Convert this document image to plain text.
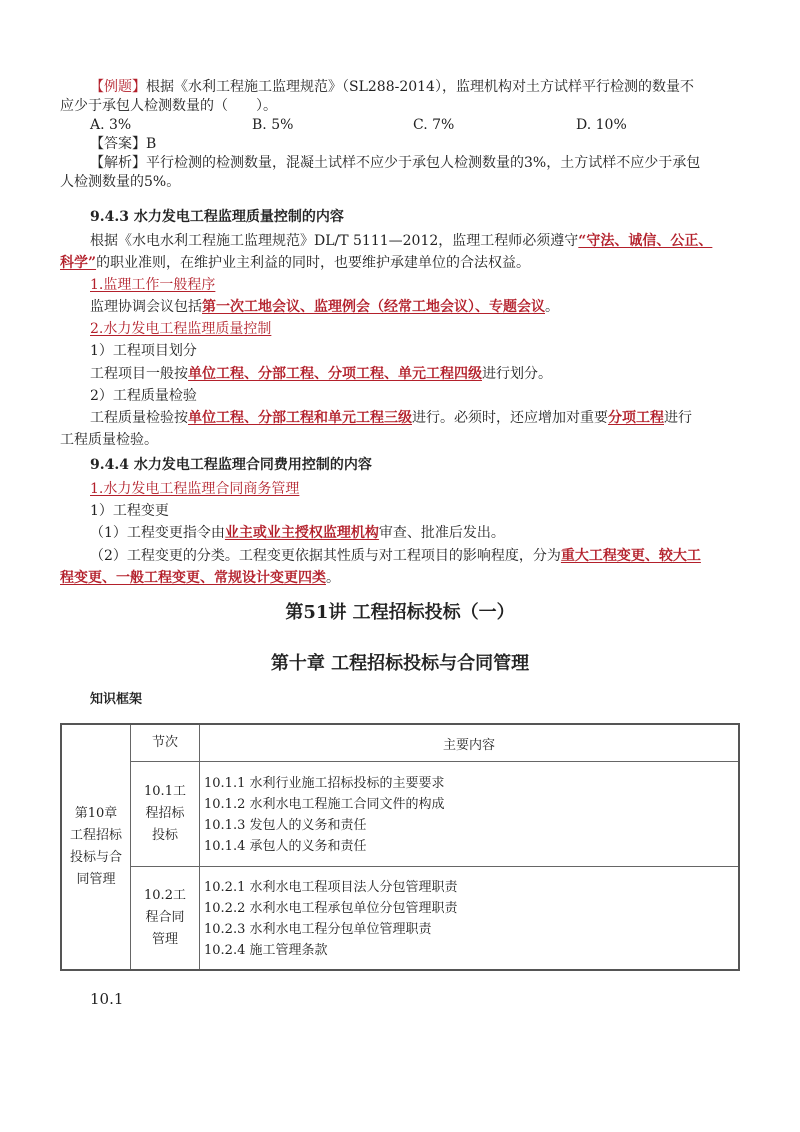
【例题】根据《水利工程施工监理规范》（SL288-2014），监理机构对土方试样平行检测的数量不
应少于承包人检测数量的（　　）。
A. 3%	B. 5%	C. 7%	D. 10%
【答案】B
【解析】平行检测的检测数量，混凝土试样不应少于承包人检测数量的3%，土方试样不应少于承包
人检测数量的5%。
9.4.3 水力发电工程监理质量控制的内容
根据《水电水利工程施工监理规范》DL/T 5111—2012，监理工程师必须遵守“守法、诚信、公正、
科学”的职业准则，在维护业主利益的同时，也要维护承建单位的合法权益。
1.监理工作一般程序
监理协调会议包括第一次工地会议、监理例会（经常工地会议）、专题会议。
2.水力发电工程监理质量控制
1）工程项目划分
工程项目一般按单位工程、分部工程、分项工程、单元工程四级进行划分。
2）工程质量检验
工程质量检验按单位工程、分部工程和单元工程三级进行。必须时，还应增加对重要分项工程进行
工程质量检验。
9.4.4 水力发电工程监理合同费用控制的内容
1.水力发电工程监理合同商务管理
1）工程变更
（1）工程变更指令由业主或业主授权监理机构审查、批准后发出。
（2）工程变更的分类。工程变更依据其性质与对工程项目的影响程度，分为重大工程变更、较大工
程变更、一般工程变更、常规设计变更四类。
第51讲 工程招标投标（一）
第十章 工程招标投标与合同管理
知识框架
第10章工程招标投标与合同管理	节次	主要内容

	10.1工程招标投标	10.1.1 水利行业施工招标投标的主要要求
10.1.2 水利水电工程施工合同文件的构成
10.1.3 发包人的义务和责任
10.1.4 承包人的义务和责任

	10.2工程合同管理	10.2.1 水利水电工程项目法人分包管理职责
10.2.2 水利水电工程承包单位分包管理职责
10.2.3 水利水电工程分包单位管理职责
10.2.4 施工管理条款
10.1
